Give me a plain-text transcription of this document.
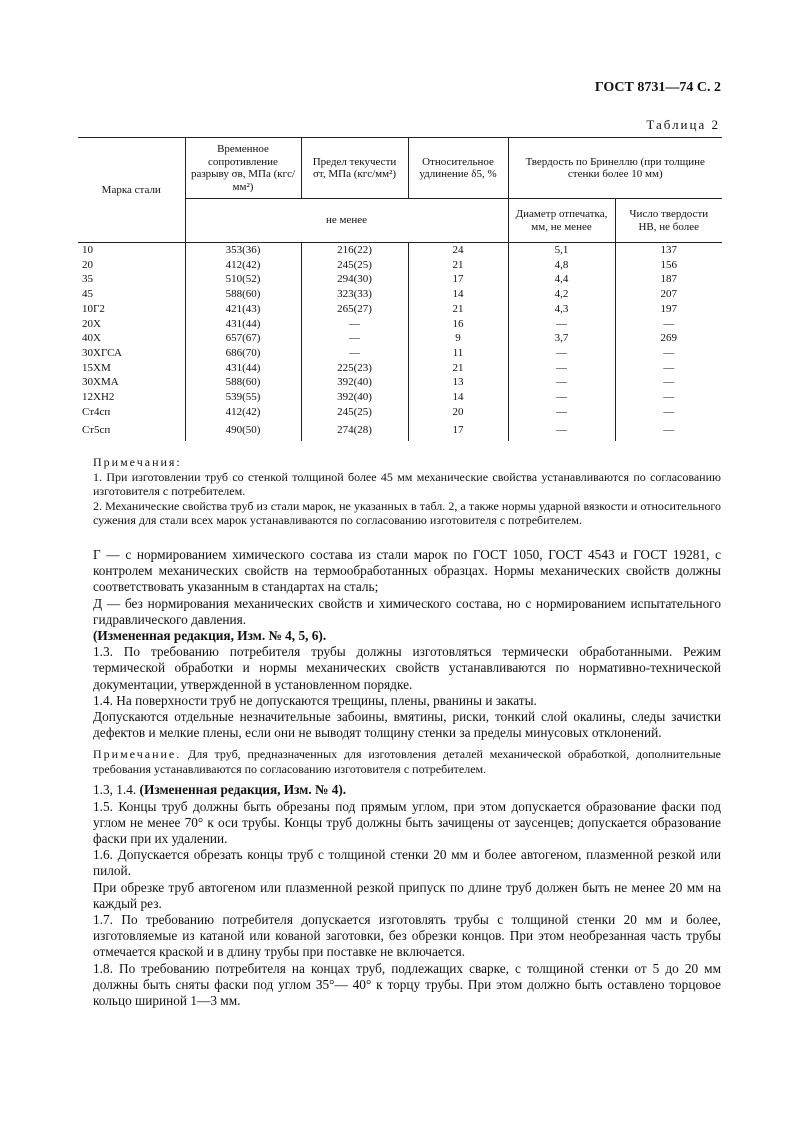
ГОСТ 8731—74 С. 2
Таблица 2
Марка стали	Временное сопротивление разрыву σв, МПа (кгс/мм²)	Предел текучести σт, МПа (кгс/мм²)	Относительное удлинение δ5, %	Твердость по Бринеллю (при толщине стенки более 10 мм)	
	не менее			Диаметр отпечатка, мм, не менее	Число твердости HB, не более
10	353(36)	216(22)	24	5,1	137
20	412(42)	245(25)	21	4,8	156
35	510(52)	294(30)	17	4,4	187
45	588(60)	323(33)	14	4,2	207
10Г2	421(43)	265(27)	21	4,3	197
20Х	431(44)	—	16	—	—
40Х	657(67)	—	9	3,7	269
30ХГСА	686(70)	—	11	—	—
15ХМ	431(44)	225(23)	21	—	—
30ХМА	588(60)	392(40)	13	—	—
12ХН2	539(55)	392(40)	14	—	—
Ст4сп	412(42)	245(25)	20	—	—
Ст5сп	490(50)	274(28)	17	—	—

Примечания:

1. При изготовлении труб со стенкой толщиной более 45 мм механические свойства устанавливаются по согласованию изготовителя с потребителем.

2. Механические свойства труб из стали марок, не указанных в табл. 2, а также нормы ударной вязкости и относительного сужения для стали всех марок устанавливаются по согласованию изготовителя с потребителем.

Г — с нормированием химического состава из стали марок по ГОСТ 1050, ГОСТ 4543 и ГОСТ 19281, с контролем механических свойств на термообработанных образцах. Нормы механических свойств должны соответствовать указанным в стандартах на сталь;

Д — без нормирования механических свойств и химического состава, но с нормированием испытательного гидравлического давления.

(Измененная редакция, Изм. № 4, 5, 6).

1.3. По требованию потребителя трубы должны изготовляться термически обработанными. Режим термической обработки и нормы механических свойств устанавливаются по нормативно-технической документации, утвержденной в установленном порядке.

1.4. На поверхности труб не допускаются трещины, плены, рванины и закаты.

Допускаются отдельные незначительные забоины, вмятины, риски, тонкий слой окалины, следы зачистки дефектов и мелкие плены, если они не выводят толщину стенки за пределы минусовых отклонений.

Примечание. Для труб, предназначенных для изготовления деталей механической обработкой, дополнительные требования устанавливаются по согласованию изготовителя с потребителем.

1.3, 1.4. (Измененная редакция, Изм. № 4).

1.5. Концы труб должны быть обрезаны под прямым углом, при этом допускается образование фаски под углом не менее 70° к оси трубы. Концы труб должны быть зачищены от заусенцев; допускается образование фаски при их удалении.

1.6. Допускается обрезать концы труб с толщиной стенки 20 мм и более автогеном, плазменной резкой или пилой.

При обрезке труб автогеном или плазменной резкой припуск по длине труб должен быть не менее 20 мм на каждый рез.

1.7. По требованию потребителя допускается изготовлять трубы с толщиной стенки 20 мм и более, изготовляемые из катаной или кованой заготовки, без обрезки концов. При этом необрезанная часть трубы отмечается краской и в длину трубы при поставке не включается.

1.8. По требованию потребителя на концах труб, подлежащих сварке, с толщиной стенки от 5 до 20 мм должны быть сняты фаски под углом 35°— 40° к торцу трубы. При этом должно быть оставлено торцовое кольцо шириной 1—3 мм.
